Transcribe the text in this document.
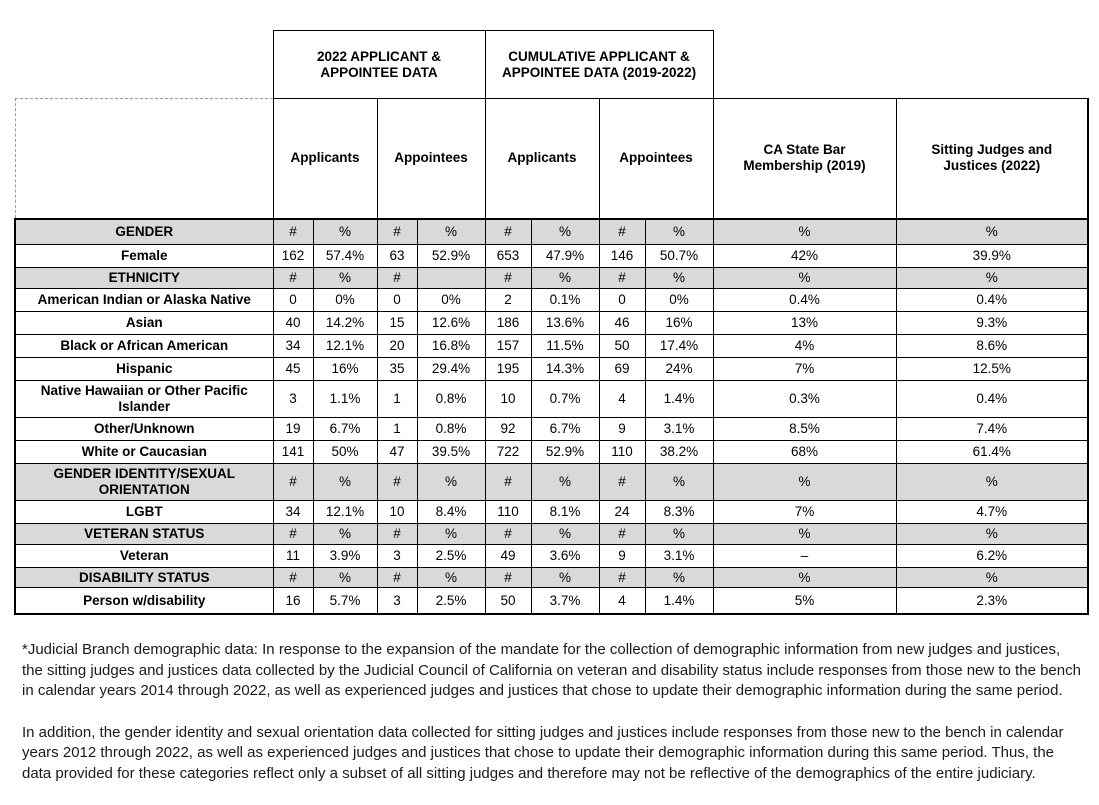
	2022 APPLICANT & APPOINTEE DATA				CUMULATIVE APPLICANT & APPOINTEE DATA (2019-2022)					
	Applicants		Appointees		Applicants		Appointees		CA State Bar Membership (2019)	Sitting Judges and Justices (2022)
GENDER	#	%	#	%	#	%	#	%	%	%
Female	162	57.4%	63	52.9%	653	47.9%	146	50.7%	42%	39.9%
ETHNICITY	#	%	#		#	%	#	%	%	%
American Indian or Alaska Native	0	0%	0	0%	2	0.1%	0	0%	0.4%	0.4%
Asian	40	14.2%	15	12.6%	186	13.6%	46	16%	13%	9.3%
Black or African American	34	12.1%	20	16.8%	157	11.5%	50	17.4%	4%	8.6%
Hispanic	45	16%	35	29.4%	195	14.3%	69	24%	7%	12.5%
Native Hawaiian or Other Pacific Islander	3	1.1%	1	0.8%	10	0.7%	4	1.4%	0.3%	0.4%
Other/Unknown	19	6.7%	1	0.8%	92	6.7%	9	3.1%	8.5%	7.4%
White or Caucasian	141	50%	47	39.5%	722	52.9%	110	38.2%	68%	61.4%
GENDER IDENTITY/SEXUAL ORIENTATION	#	%	#	%	#	%	#	%	%	%
LGBT	34	12.1%	10	8.4%	110	8.1%	24	8.3%	7%	4.7%
VETERAN STATUS	#	%	#	%	#	%	#	%	%	%
Veteran	11	3.9%	3	2.5%	49	3.6%	9	3.1%	–	6.2%
DISABILITY STATUS	#	%	#	%	#	%	#	%	%	%
Person w/disability	16	5.7%	3	2.5%	50	3.7%	4	1.4%	5%	2.3%

*Judicial Branch demographic data: In response to the expansion of the mandate for the collection of demographic information from new judges and justices, the sitting judges and justices data collected by the Judicial Council of California on veteran and disability status include responses from those new to the bench in calendar years 2014 through 2022, as well as experienced judges and justices that chose to update their demographic information during the same period.

In addition, the gender identity and sexual orientation data collected for sitting judges and justices include responses from those new to the bench in calendar years 2012 through 2022, as well as experienced judges and justices that chose to update their demographic information during this same period. Thus, the data provided for these categories reflect only a subset of all sitting judges and therefore may not be reflective of the demographics of the entire judiciary.
